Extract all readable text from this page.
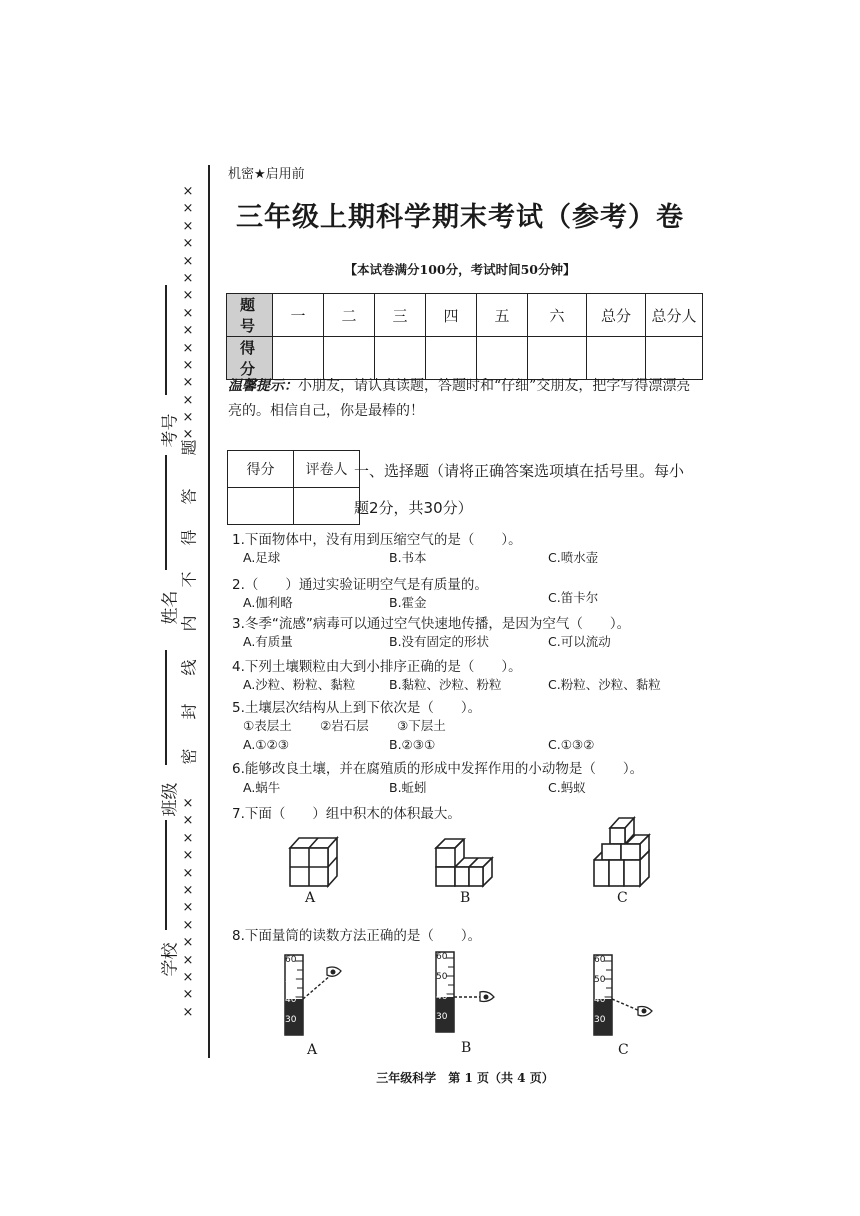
×
×
×
×
×
×
×
×
×
×
×
×
×
×
×
×
×
×
×
×
×
×
×
×
×
×
×
×
题
答
得
不
内
线
封
密
考号
姓名
班级
学校
机密★启用前
三年级上期科学期末考试（参考）卷
【本试卷满分100分，考试时间50分钟】
题 号	一	二	三	四	五	六	总分	总分人
得 分								
温馨提示：小朋友，请认真读题，答题时和“仔细”交朋友，把字写得漂漂亮亮的。相信自己，你是最棒的！
得分	评卷人
	一、选择题（请将正确答案选项填在括号里。每小题2分，共30分）
1.下面物体中，没有用到压缩空气的是（　　）。
A.足球	B.书本	C.喷水壶
2.（　　）通过实验证明空气是有质量的。
A.伽利略	B.霍金	C.笛卡尔
3.冬季“流感”病毒可以通过空气快速地传播，是因为空气（　　）。
A.有质量	B.没有固定的形状	C.可以流动
4.下列土壤颗粒由大到小排序正确的是（　　）。
A.沙粒、粉粒、黏粒	B.黏粒、沙粒、粉粒	C.粉粒、沙粒、黏粒
5.土壤层次结构从上到下依次是（　　）。
①表层土 ②岩石层 ③下层土
A.①②③	B.②③①	C.①③②
6.能够改良土壤，并在腐殖质的形成中发挥作用的小动物是（　　）。
A.蜗牛	B.蚯蚓	C.蚂蚁
7.下面（　　）组中积木的体积最大。
A	B	C
8.下面量筒的读数方法正确的是（　　）。
60
50
40
30
60
50
40
30
60
50
40
30
A	B	C
三年级科学　第 1 页（共 4 页）
